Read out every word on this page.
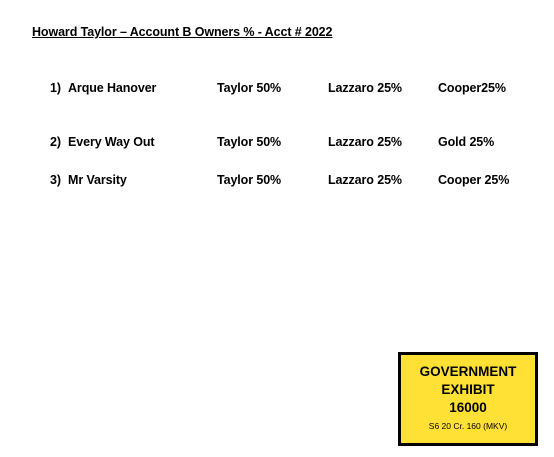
Howard Taylor – Account B Owners % - Acct # 2022
1) Arque Hanover	Taylor 50%	Lazzaro 25%	Cooper25%
2) Every Way Out	Taylor 50%	Lazzaro 25%	Gold 25%
3) Mr Varsity	Taylor 50%	Lazzaro 25%	Cooper 25%
GOVERNMENT
EXHIBIT
16000
S6 20 Cr. 160 (MKV)
